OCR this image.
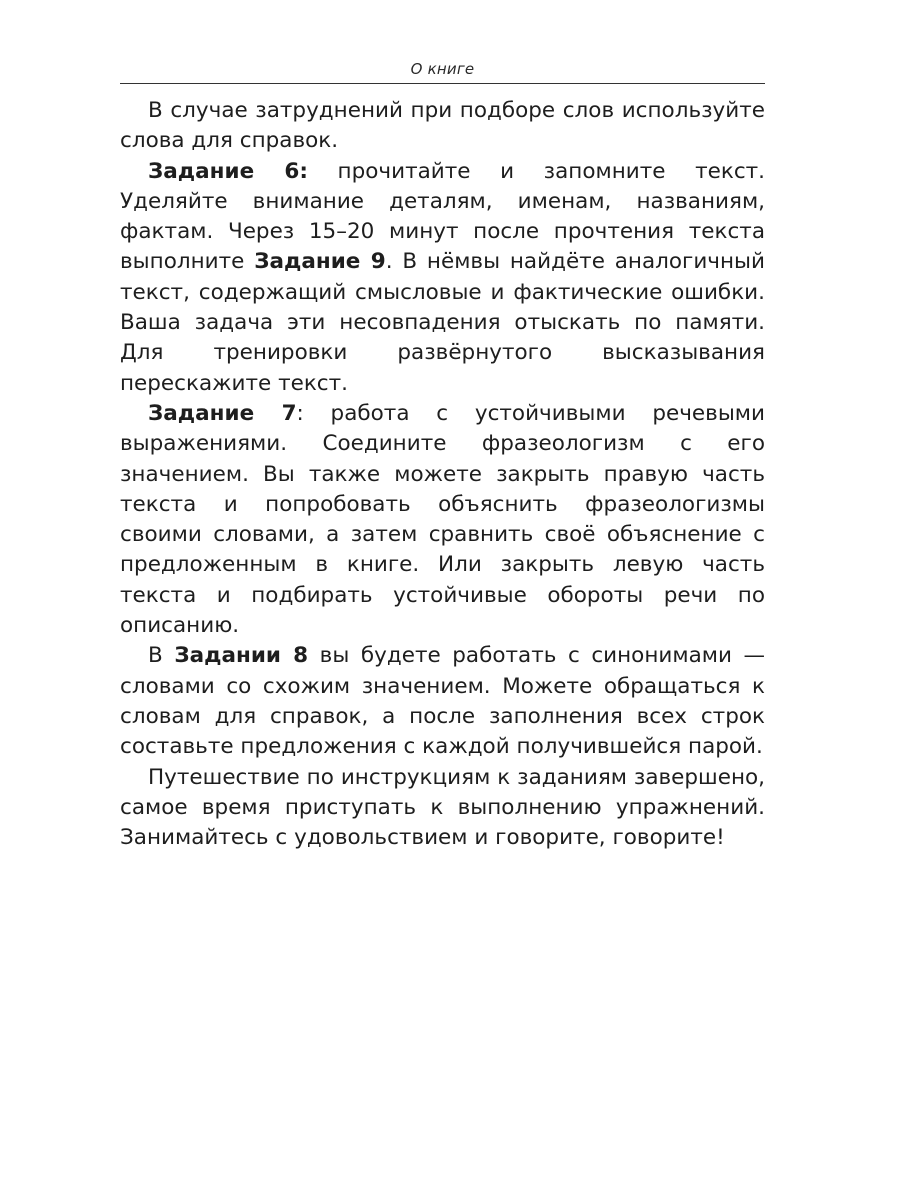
О книге

В случае затруднений при подборе слов используйте слова для справок.

Задание 6: прочитайте и запомните текст. Уделяйте внимание деталям, именам, названиям, фактам. Через 15–20 минут после прочтения текста выполните Задание 9. В нёмвы найдёте аналогичный текст, содержащий смысловые и фактические ошибки. Ваша задача эти несовпадения отыскать по памяти. Для тренировки развёрнутого высказывания перескажите текст.

Задание 7: работа с устойчивыми речевыми выражениями. Соедините фразеологизм с его значением. Вы также можете закрыть правую часть текста и попробовать объяснить фразеологизмы своими словами, а затем сравнить своё объяснение с предложенным в книге. Или закрыть левую часть текста и подбирать устойчивые обороты речи по описанию.

В Задании 8 вы будете работать с синонимами — словами со схожим значением. Можете обращаться к словам для справок, а после заполнения всех строк составьте предложения с каждой получившейся парой.

Путешествие по инструкциям к заданиям завершено, самое время приступать к выполнению упражнений. Занимайтесь с удовольствием и говорите, говорите!
